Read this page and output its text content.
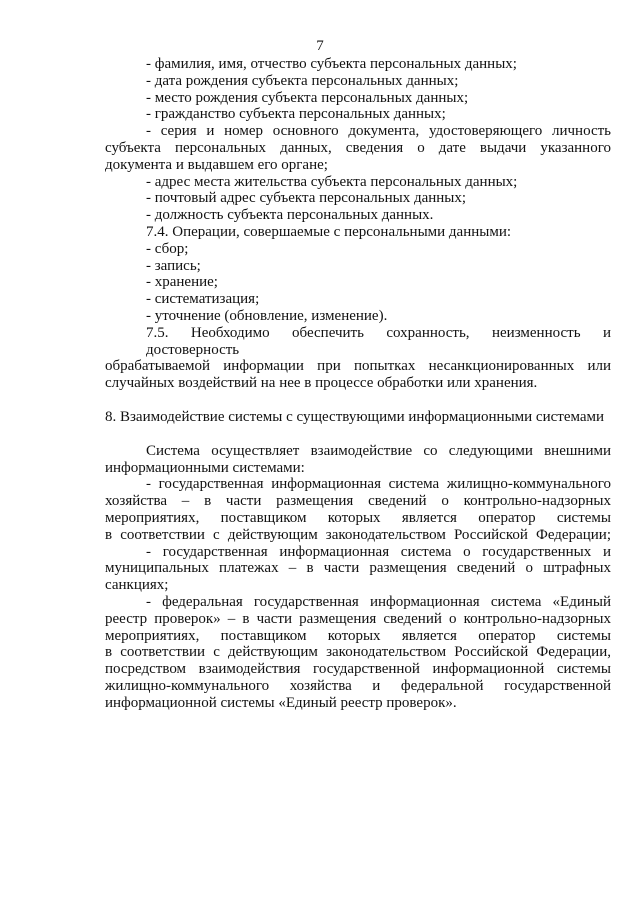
7
- фамилия, имя, отчество субъекта персональных данных;
- дата рождения субъекта персональных данных;
- место рождения субъекта персональных данных;
- гражданство субъекта персональных данных;
- серия и номер основного документа, удостоверяющего личность
субъекта персональных данных, сведения о дате выдачи указанного
документа и выдавшем его органе;
- адрес места жительства субъекта персональных данных;
- почтовый адрес субъекта персональных данных;
- должность субъекта персональных данных.
7.4. Операции, совершаемые с персональными данными:
- сбор;
- запись;
- хранение;
- систематизация;
- уточнение (обновление, изменение).
7.5. Необходимо обеспечить сохранность, неизменность и достоверность
обрабатываемой информации при попытках несанкционированных или
случайных воздействий на нее в процессе обработки или хранения.
8. Взаимодействие системы с существующими информационными системами
Система осуществляет взаимодействие со следующими внешними
информационными системами:
- государственная информационная система жилищно-коммунального
хозяйства – в части размещения сведений о контрольно-надзорных
мероприятиях, поставщиком которых является оператор системы
в соответствии с действующим законодательством Российской Федерации;
- государственная информационная система о государственных и
муниципальных платежах – в части размещения сведений о штрафных
санкциях;
- федеральная государственная информационная система «Единый
реестр проверок» – в части размещения сведений о контрольно-надзорных
мероприятиях, поставщиком которых является оператор системы
в соответствии с действующим законодательством Российской Федерации,
посредством взаимодействия государственной информационной системы
жилищно-коммунального хозяйства и федеральной государственной
информационной системы «Единый реестр проверок».
